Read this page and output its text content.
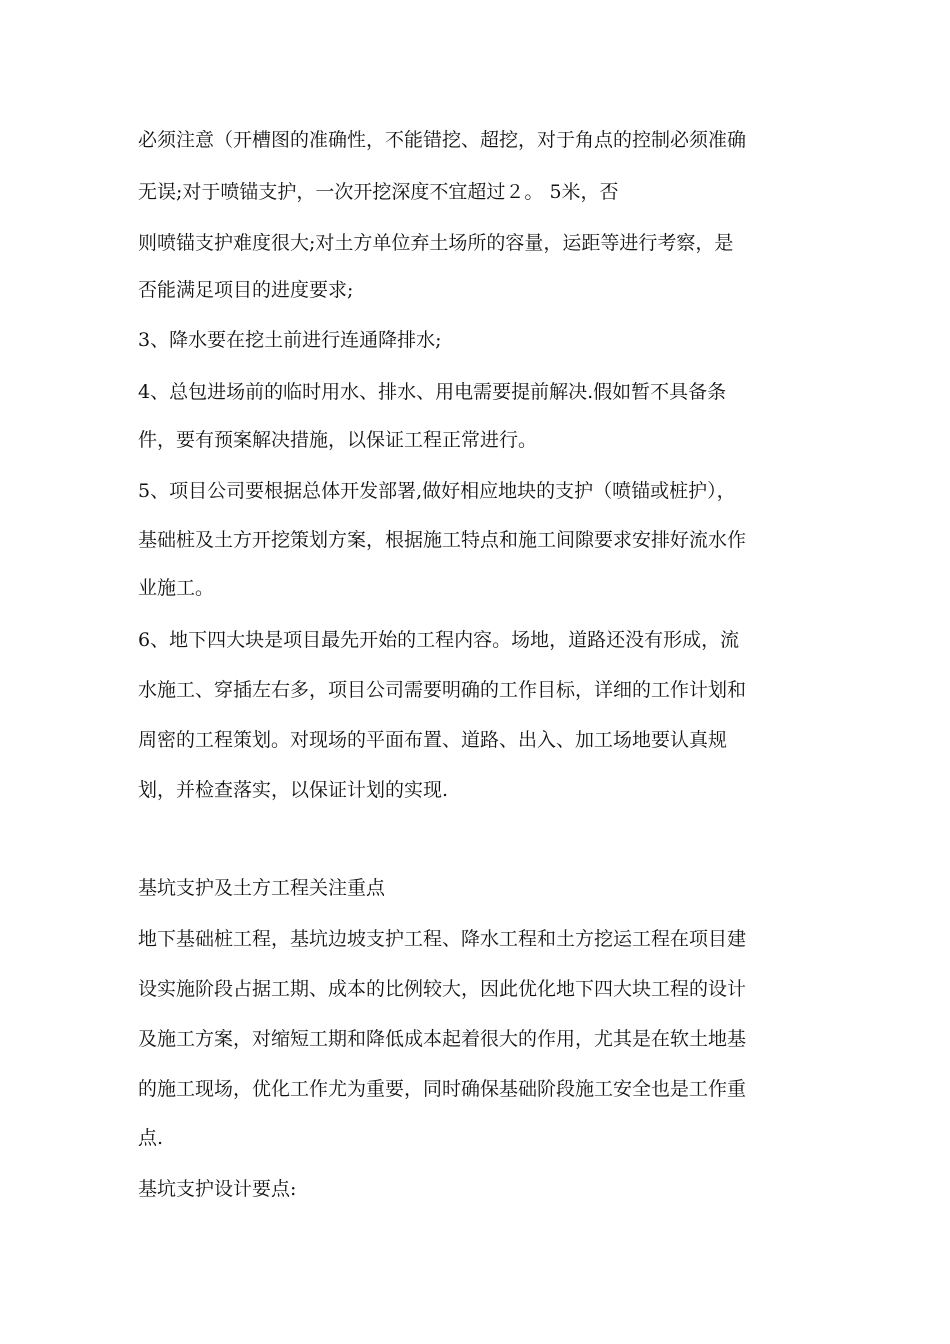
必须注意（开槽图的准确性，不能错挖、超挖，对于角点的控制必须准确

无误;对于喷锚支护，一次开挖深度不宜超过２。 5米，否

则喷锚支护难度很大;对土方单位弃土场所的容量，运距等进行考察，是

否能满足项目的进度要求;

3、降水要在挖土前进行连通降排水;

4、总包进场前的临时用水、排水、用电需要提前解决.假如暂不具备条

件，要有预案解决措施，以保证工程正常进行。

5、项目公司要根据总体开发部署,做好相应地块的支护（喷锚或桩护），

基础桩及土方开挖策划方案，根据施工特点和施工间隙要求安排好流水作

业施工。

6、地下四大块是项目最先开始的工程内容。场地，道路还没有形成，流

水施工、穿插左右多，项目公司需要明确的工作目标，详细的工作计划和

周密的工程策划。对现场的平面布置、道路、出入、加工场地要认真规

划，并检查落实，以保证计划的实现.

基坑支护及土方工程关注重点

地下基础桩工程，基坑边坡支护工程、降水工程和土方挖运工程在项目建

设实施阶段占据工期、成本的比例较大，因此优化地下四大块工程的设计

及施工方案，对缩短工期和降低成本起着很大的作用，尤其是在软土地基

的施工现场，优化工作尤为重要，同时确保基础阶段施工安全也是工作重

点.

基坑支护设计要点:
